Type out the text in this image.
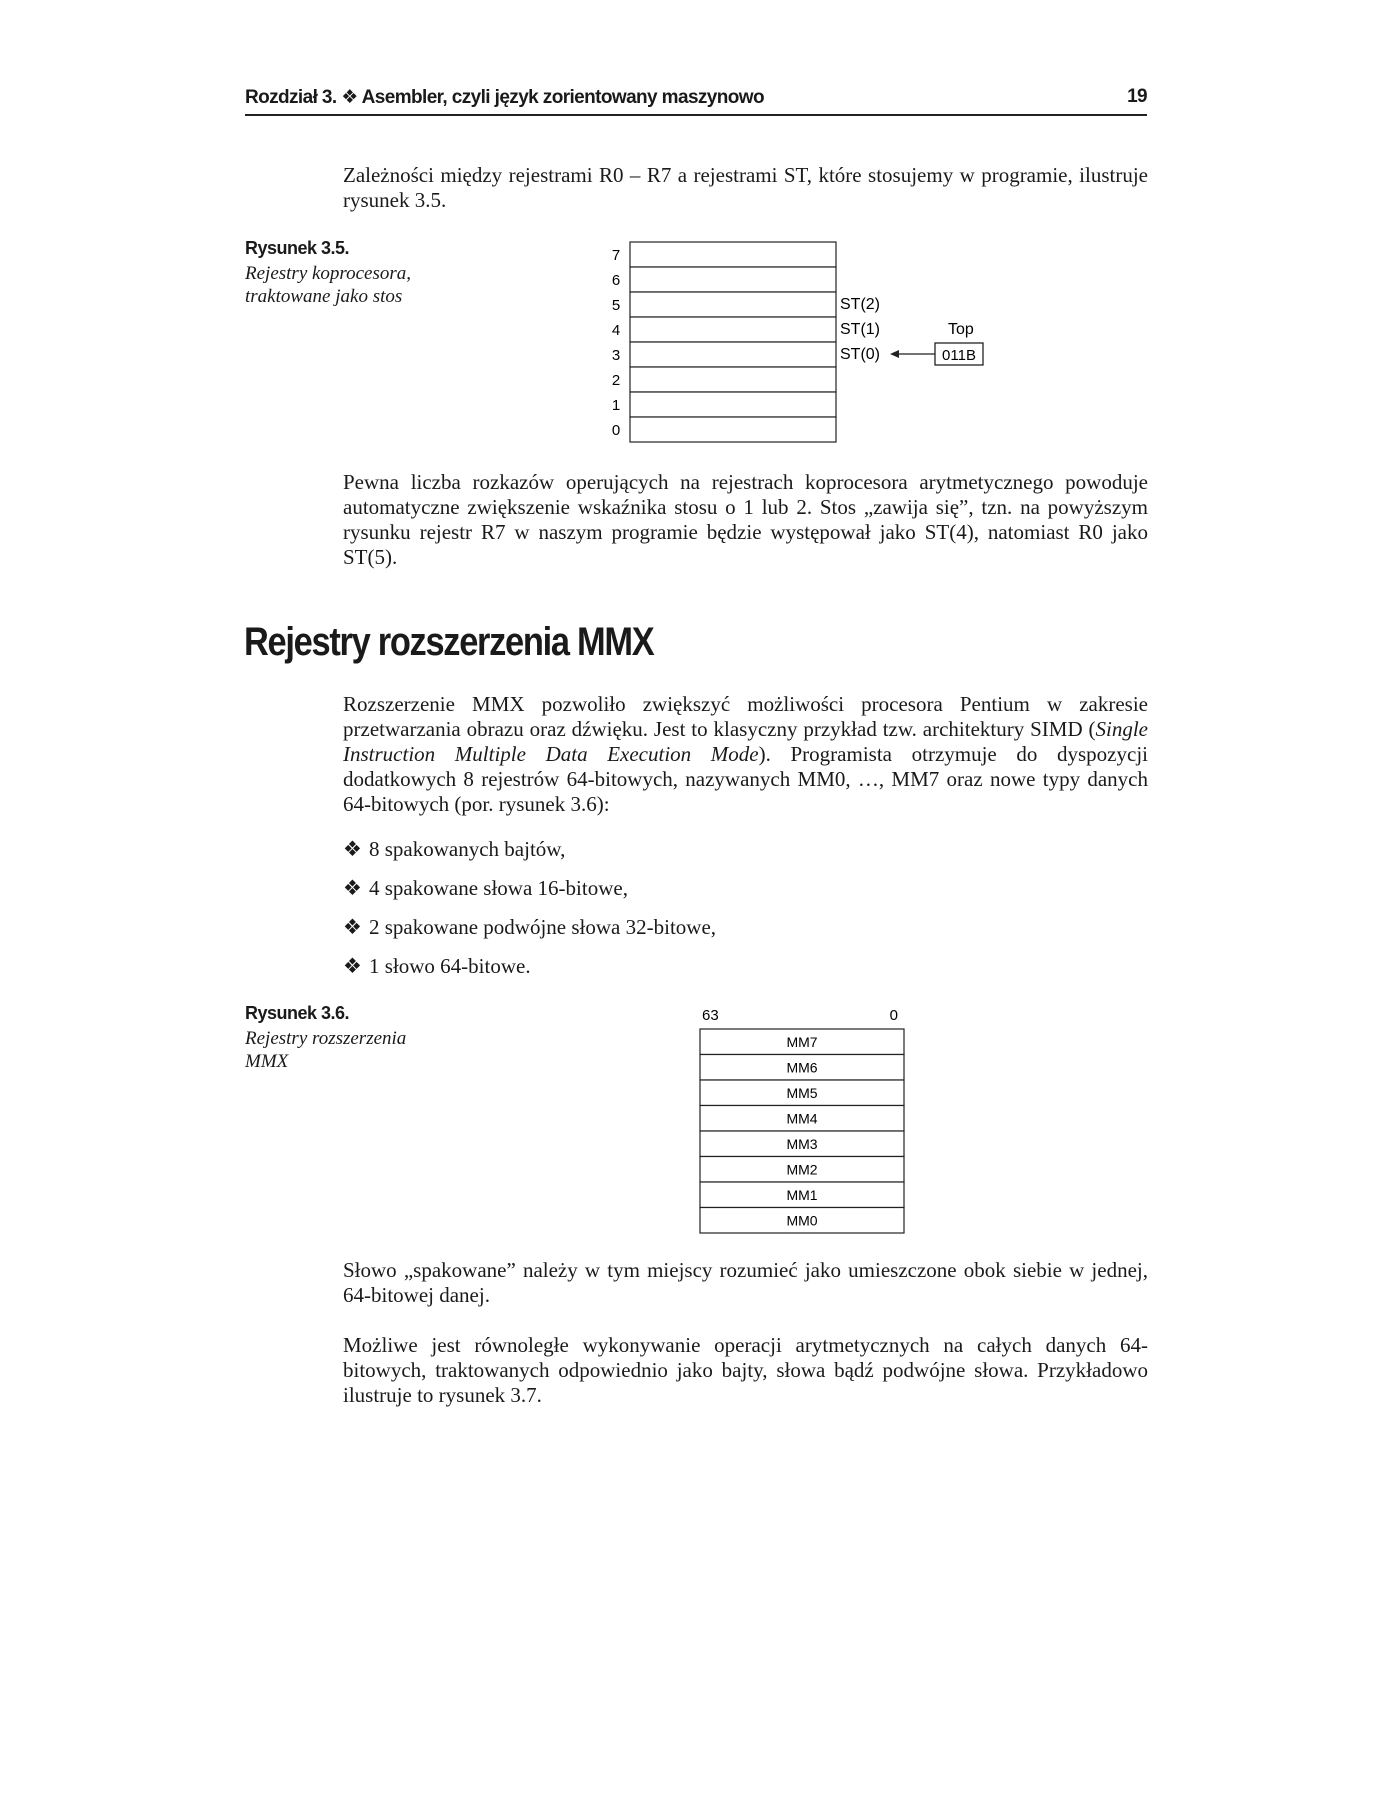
Rozdział 3. ❖ Asembler, czyli język zorientowany maszynowo	19

Zależności między rejestrami R0 – R7 a rejestrami ST, które stosujemy w programie, ilustruje rysunek 3.5.

Rysunek 3.5.
Rejestry koprocesora, traktowane jako stos
7
6
5
4
3
2
1
0
ST(2)
ST(1)
ST(0)
Top
011B

Pewna liczba rozkazów operujących na rejestrach koprocesora arytmetycznego powoduje automatyczne zwiększenie wskaźnika stosu o 1 lub 2. Stos „zawija się”, tzn. na powyższym rysunku rejestr R7 w naszym programie będzie występował jako ST(4), natomiast R0 jako ST(5).

Rejestry rozszerzenia MMX

Rozszerzenie MMX pozwoliło zwiększyć możliwości procesora Pentium w zakresie przetwarzania obrazu oraz dźwięku. Jest to klasyczny przykład tzw. architektury SIMD (Single Instruction Multiple Data Execution Mode). Programista otrzymuje do dyspozycji dodatkowych 8 rejestrów 64-bitowych, nazywanych MM0, …, MM7 oraz nowe typy danych 64-bitowych (por. rysunek 3.6):

❖ 8 spakowanych bajtów,
❖ 4 spakowane słowa 16-bitowe,
❖ 2 spakowane podwójne słowa 32-bitowe,
❖ 1 słowo 64-bitowe.
Rysunek 3.6.
Rejestry rozszerzenia MMX
63	0
MM7
MM6
MM5
MM4
MM3
MM2
MM1
MM0

Słowo „spakowane” należy w tym miejscy rozumieć jako umieszczone obok siebie w jednej, 64-bitowej danej.

Możliwe jest równoległe wykonywanie operacji arytmetycznych na całych danych 64-bitowych, traktowanych odpowiednio jako bajty, słowa bądź podwójne słowa. Przykładowo ilustruje to rysunek 3.7.
